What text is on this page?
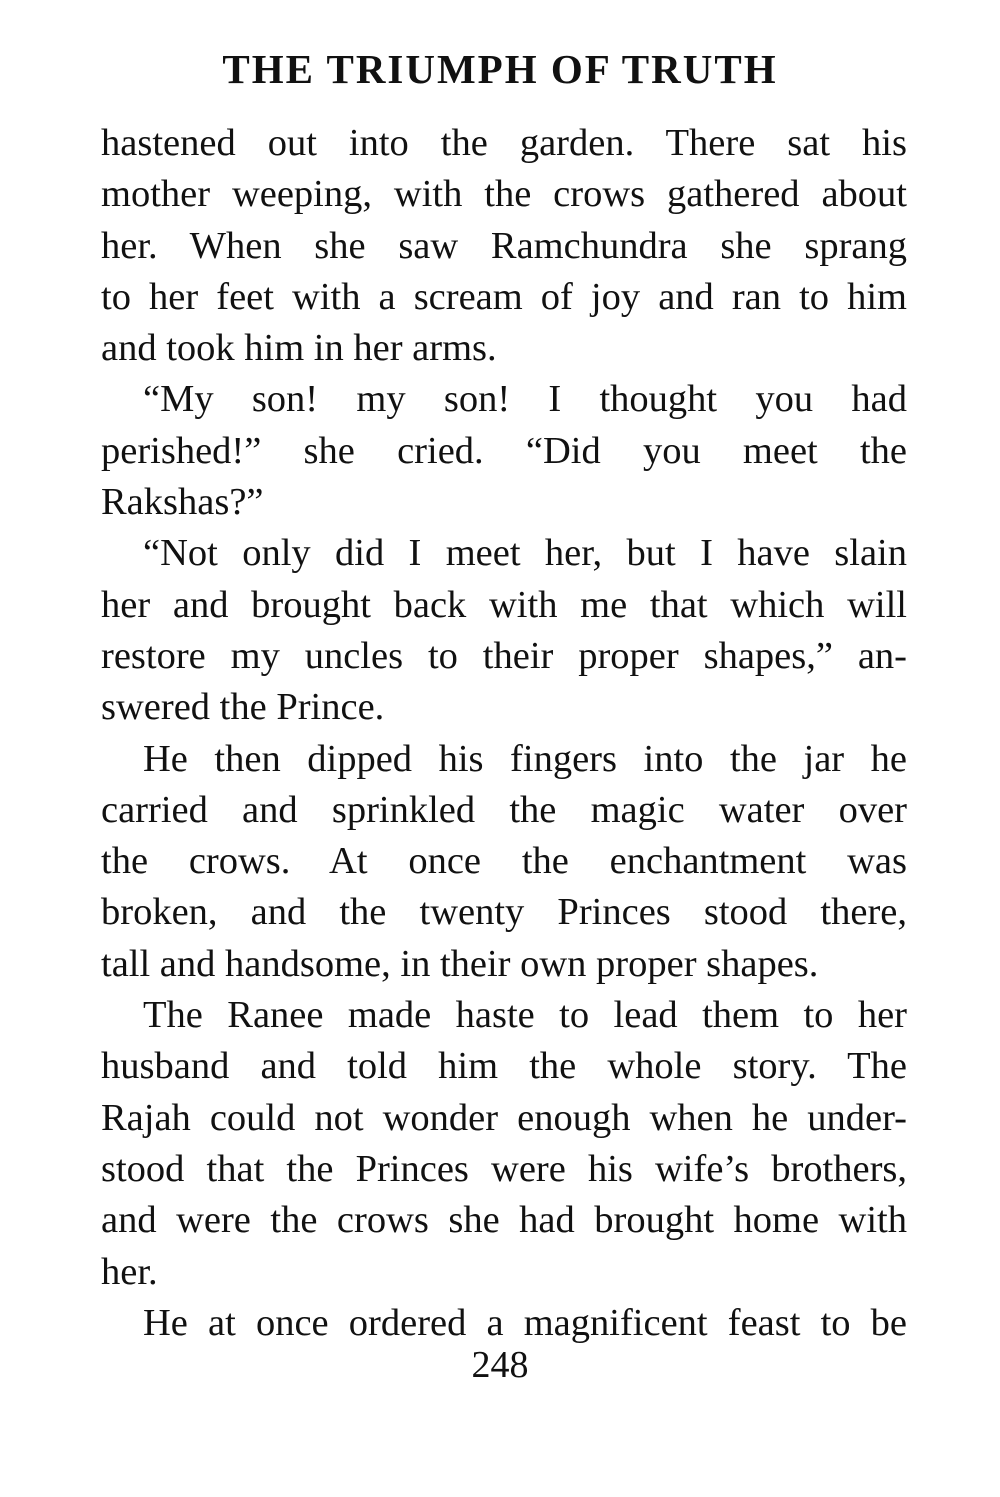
THE TRIUMPH OF TRUTH
hastened out into the garden. There sat his
mother weeping, with the crows gathered about
her. When she saw Ramchundra she sprang
to her feet with a scream of joy and ran to him
and took him in her arms.
“My son! my son! I thought you had
perished!” she cried. “Did you meet the
Rakshas?”
“Not only did I meet her, but I have slain
her and brought back with me that which will
restore my uncles to their proper shapes,” an-
swered the Prince.
He then dipped his fingers into the jar he
carried and sprinkled the magic water over
the crows. At once the enchantment was
broken, and the twenty Princes stood there,
tall and handsome, in their own proper shapes.
The Ranee made haste to lead them to her
husband and told him the whole story. The
Rajah could not wonder enough when he under-
stood that the Princes were his wife’s brothers,
and were the crows she had brought home with
her.
He at once ordered a magnificent feast to be
248
